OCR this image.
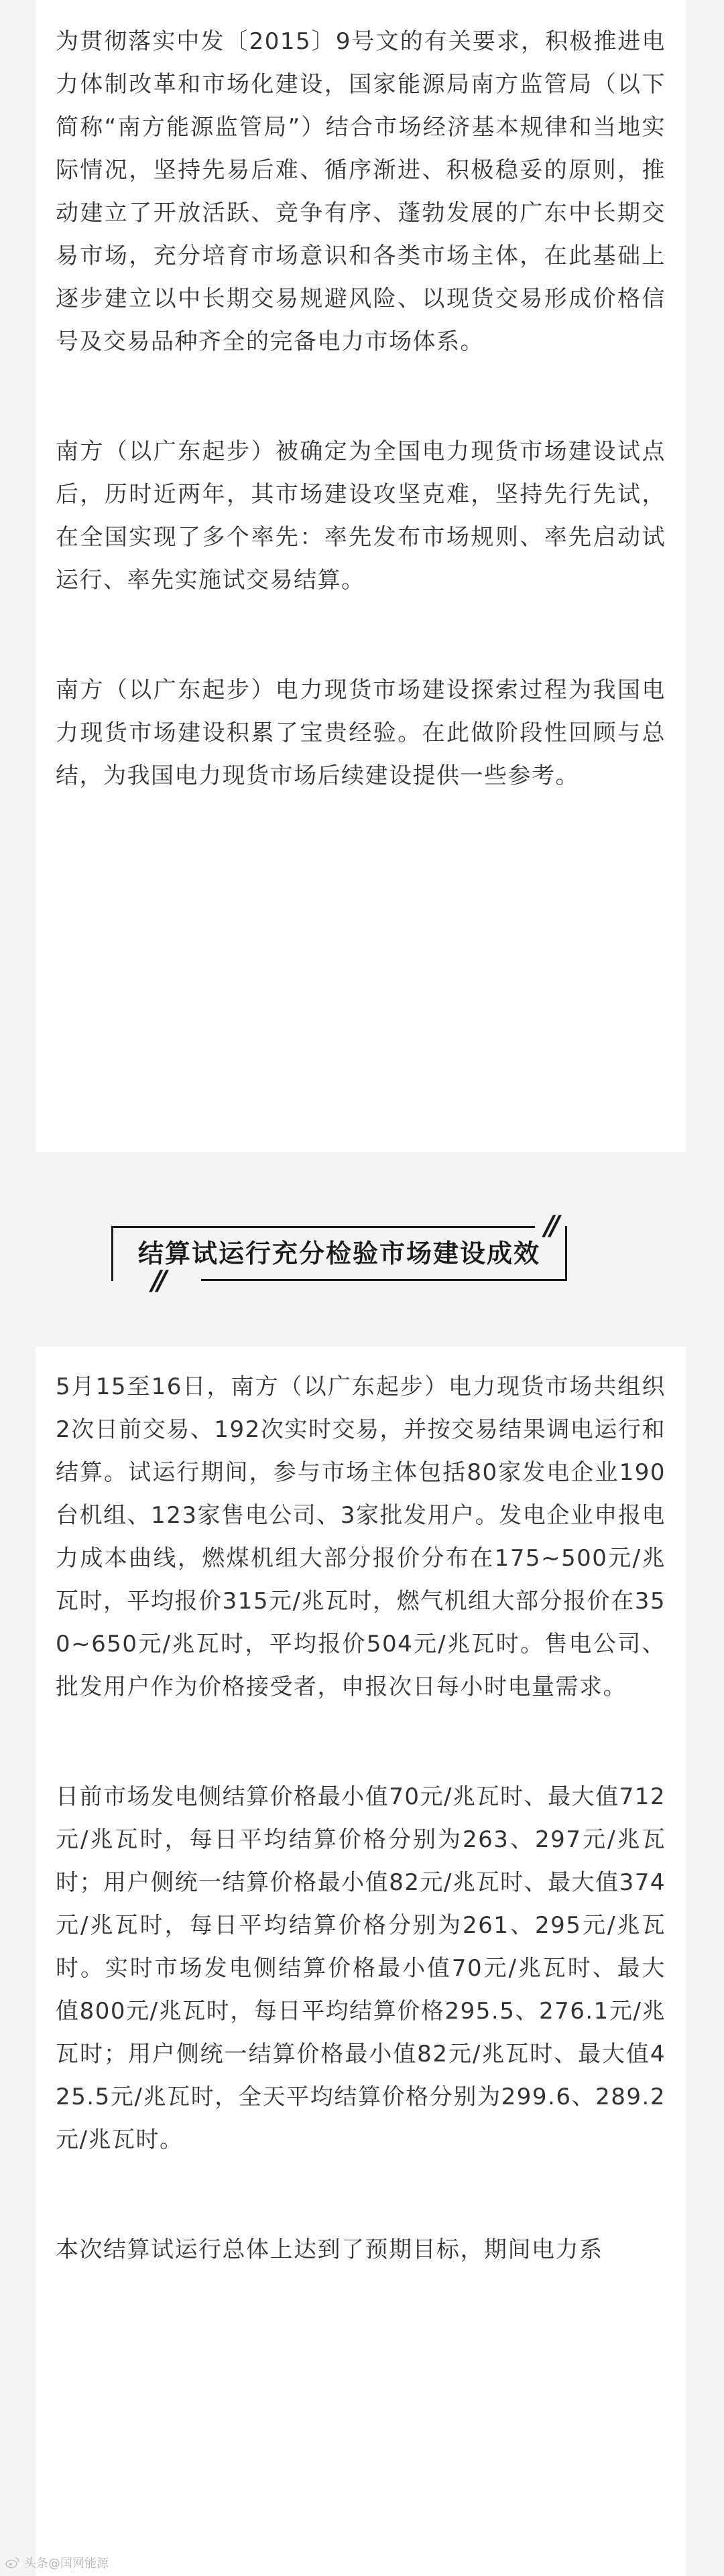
为贯彻落实中发〔2015〕9号文的有关要求，积极推进电力体制改革和市场化建设，国家能源局南方监管局（以下简称“南方能源监管局”）结合市场经济基本规律和当地实际情况，坚持先易后难、循序渐进、积极稳妥的原则，推动建立了开放活跃、竞争有序、蓬勃发展的广东中长期交易市场，充分培育市场意识和各类市场主体，在此基础上逐步建立以中长期交易规避风险、以现货交易形成价格信号及交易品种齐全的完备电力市场体系。

南方（以广东起步）被确定为全国电力现货市场建设试点后，历时近两年，其市场建设攻坚克难，坚持先行先试，在全国实现了多个率先：率先发布市场规则、率先启动试运行、率先实施试交易结算。

南方（以广东起步）电力现货市场建设探索过程为我国电力现货市场建设积累了宝贵经验。在此做阶段性回顾与总结，为我国电力现货市场后续建设提供一些参考。

//
//
结算试运行充分检验市场建设成效

5月15至16日，南方（以广东起步）电力现货市场共组织2次日前交易、192次实时交易，并按交易结果调电运行和结算。试运行期间，参与市场主体包括80家发电企业190台机组、123家售电公司、3家批发用户。发电企业申报电力成本曲线，燃煤机组大部分报价分布在175~500元/兆瓦时，平均报价315元/兆瓦时，燃气机组大部分报价在350~650元/兆瓦时，平均报价504元/兆瓦时。售电公司、批发用户作为价格接受者，申报次日每小时电量需求。

日前市场发电侧结算价格最小值70元/兆瓦时、最大值712元/兆瓦时，每日平均结算价格分别为263、297元/兆瓦时；用户侧统一结算价格最小值82元/兆瓦时、最大值374元/兆瓦时，每日平均结算价格分别为261、295元/兆瓦时。实时市场发电侧结算价格最小值70元/兆瓦时、最大值800元/兆瓦时，每日平均结算价格295.5、276.1元/兆瓦时；用户侧统一结算价格最小值82元/兆瓦时、最大值425.5元/兆瓦时，全天平均结算价格分别为299.6、289.2元/兆瓦时。

本次结算试运行总体上达到了预期目标，期间电力系

头条@国网能源
